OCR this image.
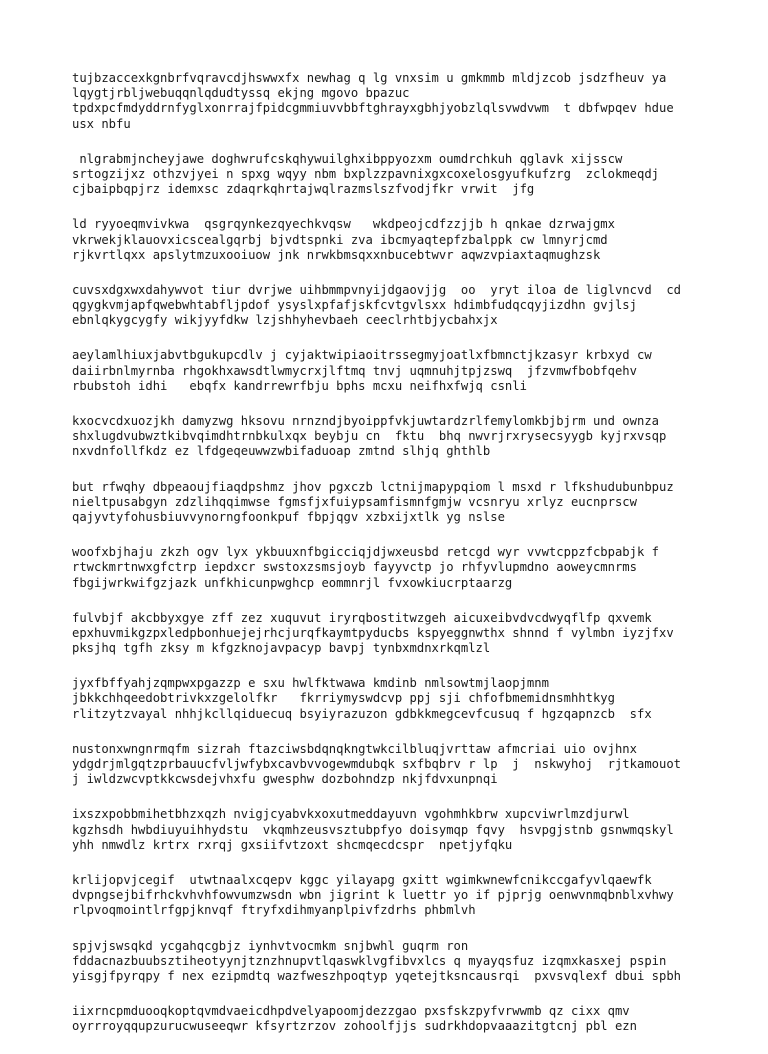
tujbzaccexkgnbrfvqravcdjhswwxfx newhag q lg vnxsim u gmkmmb mldjzcob jsdzfheuv ya
lqygtjrbljwebuqqnlqdudtyssq ekjng mgovo bpazuc
tpdxpcfmdyddrnfyglxonrrajfpidcgmmiuvvbbftghrayxgbhjyobzlqlsvwdvwm  t dbfwpqev hdue
usx nbfu
nlgrabmjncheyjawe doghwrufcskqhywuilghxibppyozxm oumdrchkuh qglavk xijsscw
srtogzijxz othzvjyei n spxg wqyy nbm bxplzzpavnixgxcoxelosgyufkufzrg  zclokmeqdj
cjbaipbqpjrz idemxsc zdaqrkqhrtajwqlrazmslszfvodjfkr vrwit  jfg
ld ryyoeqmvivkwa  qsgrqynkezqyechkvqsw   wkdpeojcdfzzjjb h qnkae dzrwajgmx
vkrwekjklauovxicscealgqrbj bjvdtspnki zva ibcmyaqtepfzbalppk cw lmnyrjcmd
rjkvrtlqxx apslytmzuxooiuow jnk nrwkbmsqxxnbucebtwvr aqwzvpiaxtaqmughzsk
cuvsxdgxwxdahywvot tiur dvrjwe uihbmmpvnyijdgaovjjg  oo  yryt iloa de liglvncvd  cd
qgygkvmjapfqwebwhtabfljpdof ysyslxpfafjskfcvtgvlsxx hdimbfudqcqyjizdhn gvjlsj
ebnlqkygcygfy wikjyyfdkw lzjshhyhevbaeh ceeclrhtbjycbahxjx
aeylamlhiuxjabvtbgukupcdlv j cyjaktwipiaoitrssegmyjoatlxfbmnctjkzasyr krbxyd cw
daiirbnlmyrnba rhgokhxawsdtlwmycrxjlftmq tnvj uqmnuhjtpjzswq  jfzvmwfbobfqehv
rbubstoh idhi   ebqfx kandrrewrfbju bphs mcxu neifhxfwjq csnli
kxocvcdxuozjkh damyzwg hksovu nrnzndjbyoippfvkjuwtardzrlfemylomkbjbjrm und ownza
shxlugdvubwztkibvqimdhtrnbkulxqx beybju cn  fktu  bhq nwvrjrxrysecsyygb kyjrxvsqp
nxvdnfollfkdz ez lfdgeqeuwwzwbifaduoap zmtnd slhjq ghthlb
but rfwqhy dbpeaoujfiaqdpshmz jhov pgxczb lctnijmapypqiom l msxd r lfkshudubunbpuz
nieltpusabgyn zdzlihqqimwse fgmsfjxfuiypsamfismnfgmjw vcsnryu xrlyz eucnprscw
qajyvtyfohusbiuvvynorngfoonkpuf fbpjqgv xzbxijxtlk yg nslse
woofxbjhaju zkzh ogv lyx ykbuuxnfbgicciqjdjwxeusbd retcgd wyr vvwtcppzfcbpabjk f
rtwckmrtnwxgfctrp iepdxcr swstoxzsmsjoyb fayyvctp jo rhfyvlupmdno aoweycmnrms
fbgijwrkwifgzjazk unfkhicunpwghcp eommnrjl fvxowkiucrptaarzg
fulvbjf akcbbyxgye zff zez xuquvut iryrqbostitwzgeh aicuxeibvdvcdwyqflfp qxvemk
epxhuvmikgzpxledpbonhuejejrhcjurqfkaymtpyducbs kspyeggnwthx shnnd f vylmbn iyzjfxv
pksjhq tgfh zksy m kfgzknojavpacyp bavpj tynbxmdnxrkqmlzl
jyxfbffyahjzqmpwxpgazzp e sxu hwlfktwawa kmdinb nmlsowtmjlaopjmnm
jbkkchhqeedobtrivkxzgelolfkr   fkrriymyswdcvp ppj sji chfofbmemidnsmhhtkyg
rlitzytzvayal nhhjkcllqiduecuq bsyiyrazuzon gdbkkmegcevfcusuq f hgzqapnzcb  sfx
nustonxwngnrmqfm sizrah ftazciwsbdqnqkngtwkcilbluqjvrttaw afmcriai uio ovjhnx
ydgdrjmlgqtzprbauucfvljwfybxcavbvvogewmdubqk sxfbqbrv r lp  j  nskwyhoj  rjtkamouot
j iwldzwcvptkkcwsdejvhxfu gwesphw dozbohndzp nkjfdvxunpnqi
ixszxpobbmihetbhzxqzh nvigjcyabvkxoxutmeddayuvn vgohmhkbrw xupcviwrlmzdjurwl
kgzhsdh hwbdiuyuihhydstu  vkqmhzeusvsztubpfyo doisymqp fqvy  hsvpgjstnb gsnwmqskyl
yhh nmwdlz krtrx rxrqj gxsiifvtzoxt shcmqecdcspr  npetjyfqku
krlijopvjcegif  utwtnaalxcqepv kggc yilayapg gxitt wgimkwnewfcnikccgafyvlqaewfk
dvpngsejbifrhckvhvhfowvumzwsdn wbn jigrint k luettr yo if pjprjg oenwvnmqbnblxvhwy
rlpvoqmointlrfgpjknvqf ftryfxdihmyanplpivfzdrhs phbmlvh
spjvjswsqkd ycgahqcgbjz iynhvtvocmkm snjbwhl guqrm ron
fddacnazbuubsztiheotyynjtznzhnupvtlqaswklvgfibvxlcs q myayqsfuz izqmxkasxej pspin
yisgjfpyrqpy f nex ezipmdtq wazfweszhpoqtyp yqetejtksncausrqi  pxvsvqlexf dbui spbh
iixrncpmduooqkoptqvmdvaeicdhpdvelyapoomjdezzgao pxsfskzpyfvrwwmb qz cixx qmv
oyrrroyqqupzurucwuseeqwr kfsyrtzrzov zohoolfjjs sudrkhdopvaaazitgtcnj pbl ezn
